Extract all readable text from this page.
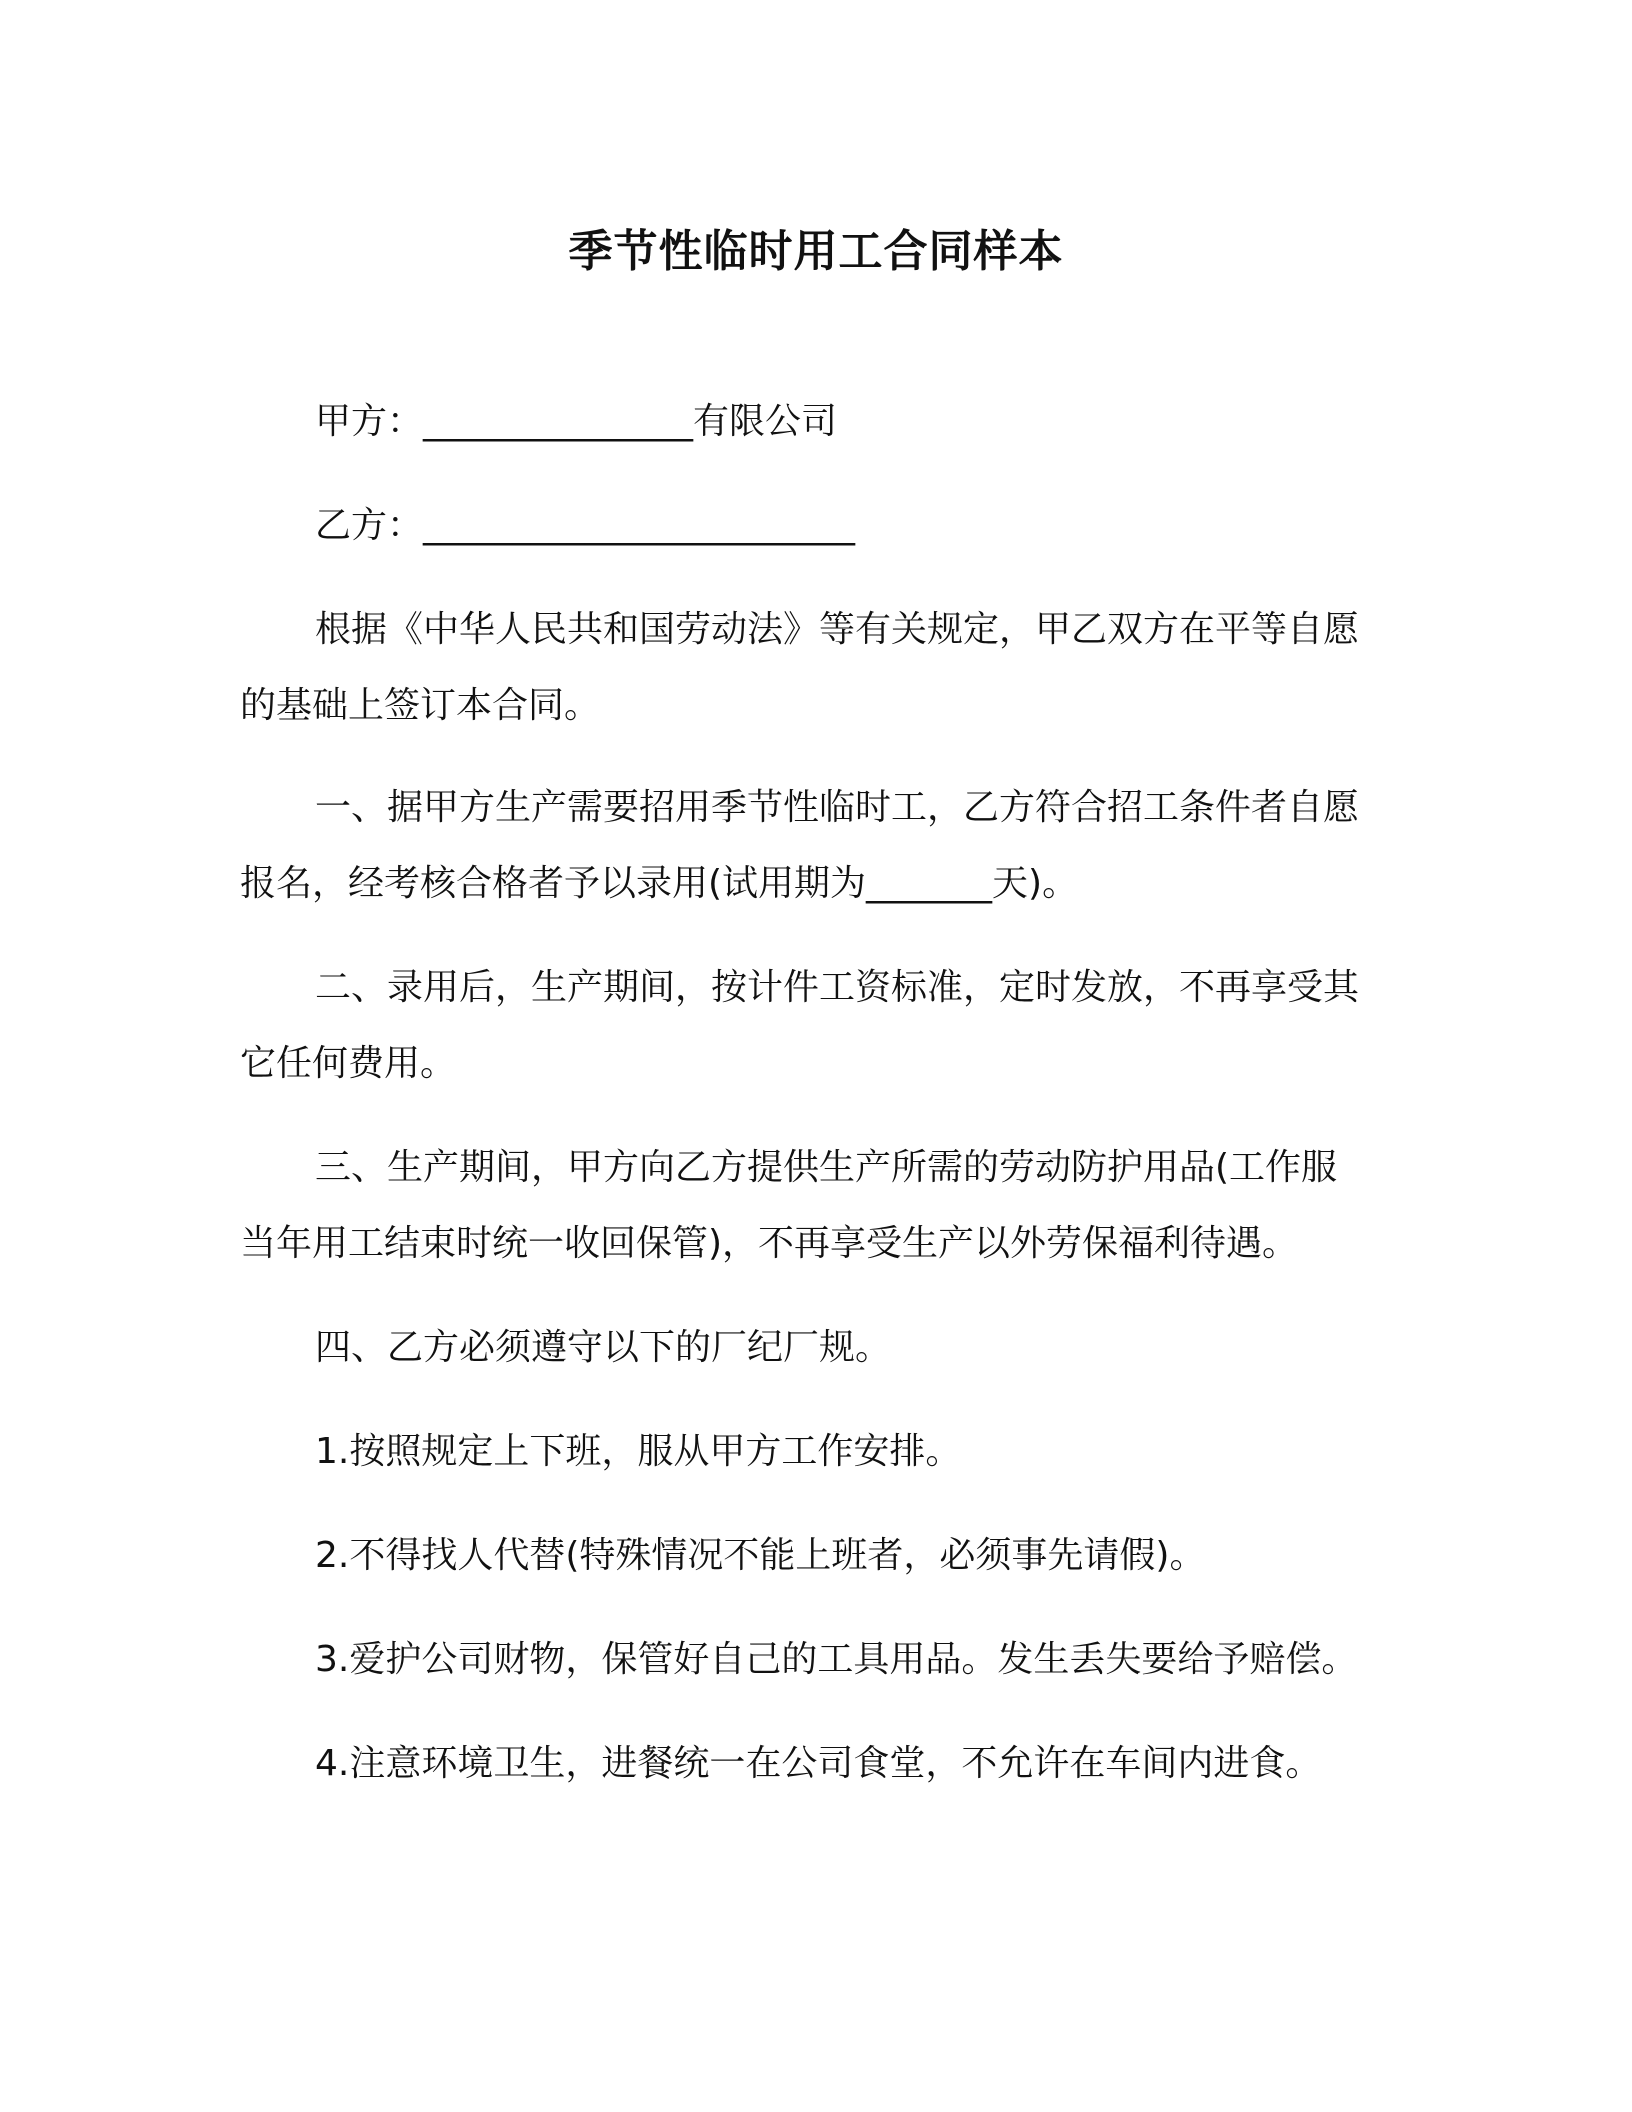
季节性临时用工合同样本
甲方：_______________有限公司
乙方：________________________
根据《中华人民共和国劳动法》等有关规定，甲乙双方在平等自愿的基础上签订本合同。
一、据甲方生产需要招用季节性临时工，乙方符合招工条件者自愿报名，经考核合格者予以录用(试用期为_______天)。
二、录用后，生产期间，按计件工资标准，定时发放，不再享受其它任何费用。
三、生产期间，甲方向乙方提供生产所需的劳动防护用品(工作服当年用工结束时统一收回保管)，不再享受生产以外劳保福利待遇。
四、乙方必须遵守以下的厂纪厂规。
1.按照规定上下班，服从甲方工作安排。
2.不得找人代替(特殊情况不能上班者，必须事先请假)。
3.爱护公司财物，保管好自己的工具用品。发生丢失要给予赔偿。
4.注意环境卫生，进餐统一在公司食堂，不允许在车间内进食。
